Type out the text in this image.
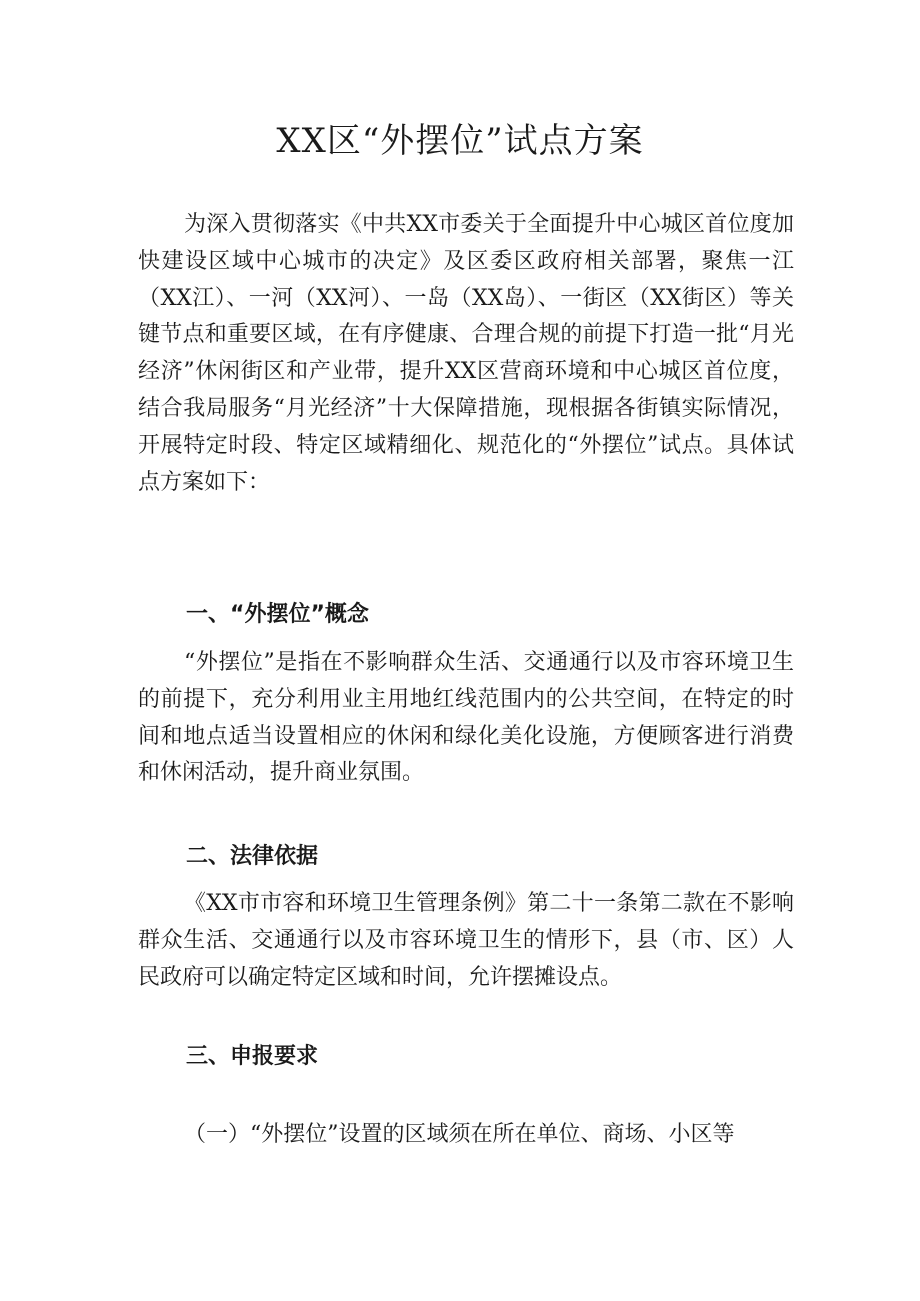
XX区“外摆位”试点方案

为深入贯彻落实《中共XX市委关于全面提升中心城区首位度加快建设区域中心城市的决定》及区委区政府相关部署，聚焦一江（XX江）、一河（XX河）、一岛（XX岛）、一街区（XX街区）等关键节点和重要区域，在有序健康、合理合规的前提下打造一批“月光经济”休闲街区和产业带，提升XX区营商环境和中心城区首位度，结合我局服务“月光经济”十大保障措施，现根据各街镇实际情况，开展特定时段、特定区域精细化、规范化的“外摆位”试点。具体试点方案如下：

一、“外摆位”概念

“外摆位”是指在不影响群众生活、交通通行以及市容环境卫生的前提下，充分利用业主用地红线范围内的公共空间，在特定的时间和地点适当设置相应的休闲和绿化美化设施，方便顾客进行消费和休闲活动，提升商业氛围。

二、法律依据

《XX市市容和环境卫生管理条例》第二十一条第二款在不影响群众生活、交通通行以及市容环境卫生的情形下，县（市、区）人民政府可以确定特定区域和时间，允许摆摊设点。

三、申报要求

（一）“外摆位”设置的区域须在所在单位、商场、小区等
